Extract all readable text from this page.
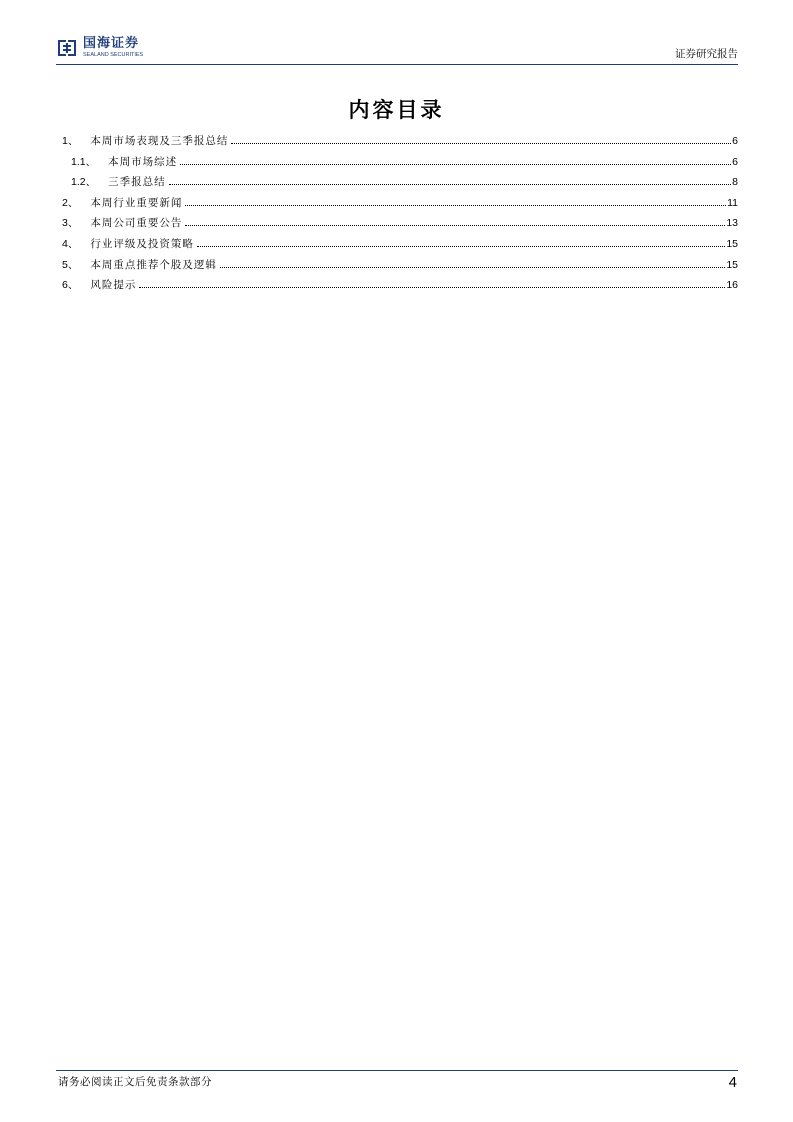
国海证券
SEALAND SECURITIES	证券研究报告
内容目录
1 、 本周市场表现及三季报总结	6
1.1 、 本周市场综述	6
1.2 、 三季报总结	8
2 、 本周行业重要新闻	11
3 、 本周公司重要公告	13
4 、 行业评级及投资策略	15
5 、 本周重点推荐个股及逻辑	15
6 、 风险提示	16
请务必阅读正文后免责条款部分	4
